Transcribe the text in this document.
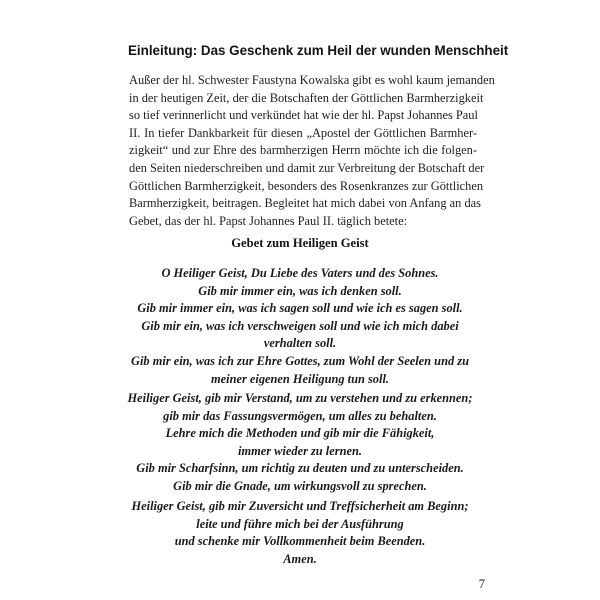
Einleitung: Das Geschenk zum Heil der wunden Menschheit
Außer der hl. Schwester Faustyna Kowalska gibt es wohl kaum jemanden
in der heutigen Zeit, der die Botschaften der Göttlichen Barmherzigkeit
so tief verinnerlicht und verkündet hat wie der hl. Papst Johannes Paul
II. In tiefer Dankbarkeit für diesen „Apostel der Göttlichen Barmher-
zigkeit“ und zur Ehre des barmherzigen Herrn möchte ich die folgen-
den Seiten niederschreiben und damit zur Verbreitung der Botschaft der
Göttlichen Barmherzigkeit, besonders des Rosenkranzes zur Göttlichen
Barmherzigkeit, beitragen. Begleitet hat mich dabei von Anfang an das
Gebet, das der hl. Papst Johannes Paul II. täglich betete:
Gebet zum Heiligen Geist
O Heiliger Geist, Du Liebe des Vaters und des Sohnes.
Gib mir immer ein, was ich denken soll.
Gib mir immer ein, was ich sagen soll und wie ich es sagen soll.
Gib mir ein, was ich verschweigen soll und wie ich mich dabei
verhalten soll.
Gib mir ein, was ich zur Ehre Gottes, zum Wohl der Seelen und zu
meiner eigenen Heiligung tun soll.
Heiliger Geist, gib mir Verstand, um zu verstehen und zu erkennen;
gib mir das Fassungsvermögen, um alles zu behalten.
Lehre mich die Methoden und gib mir die Fähigkeit,
immer wieder zu lernen.
Gib mir Scharfsinn, um richtig zu deuten und zu unterscheiden.
Gib mir die Gnade, um wirkungsvoll zu sprechen.
Heiliger Geist, gib mir Zuversicht und Treffsicherheit am Beginn;
leite und führe mich bei der Ausführung
und schenke mir Vollkommenheit beim Beenden.
Amen.
7
